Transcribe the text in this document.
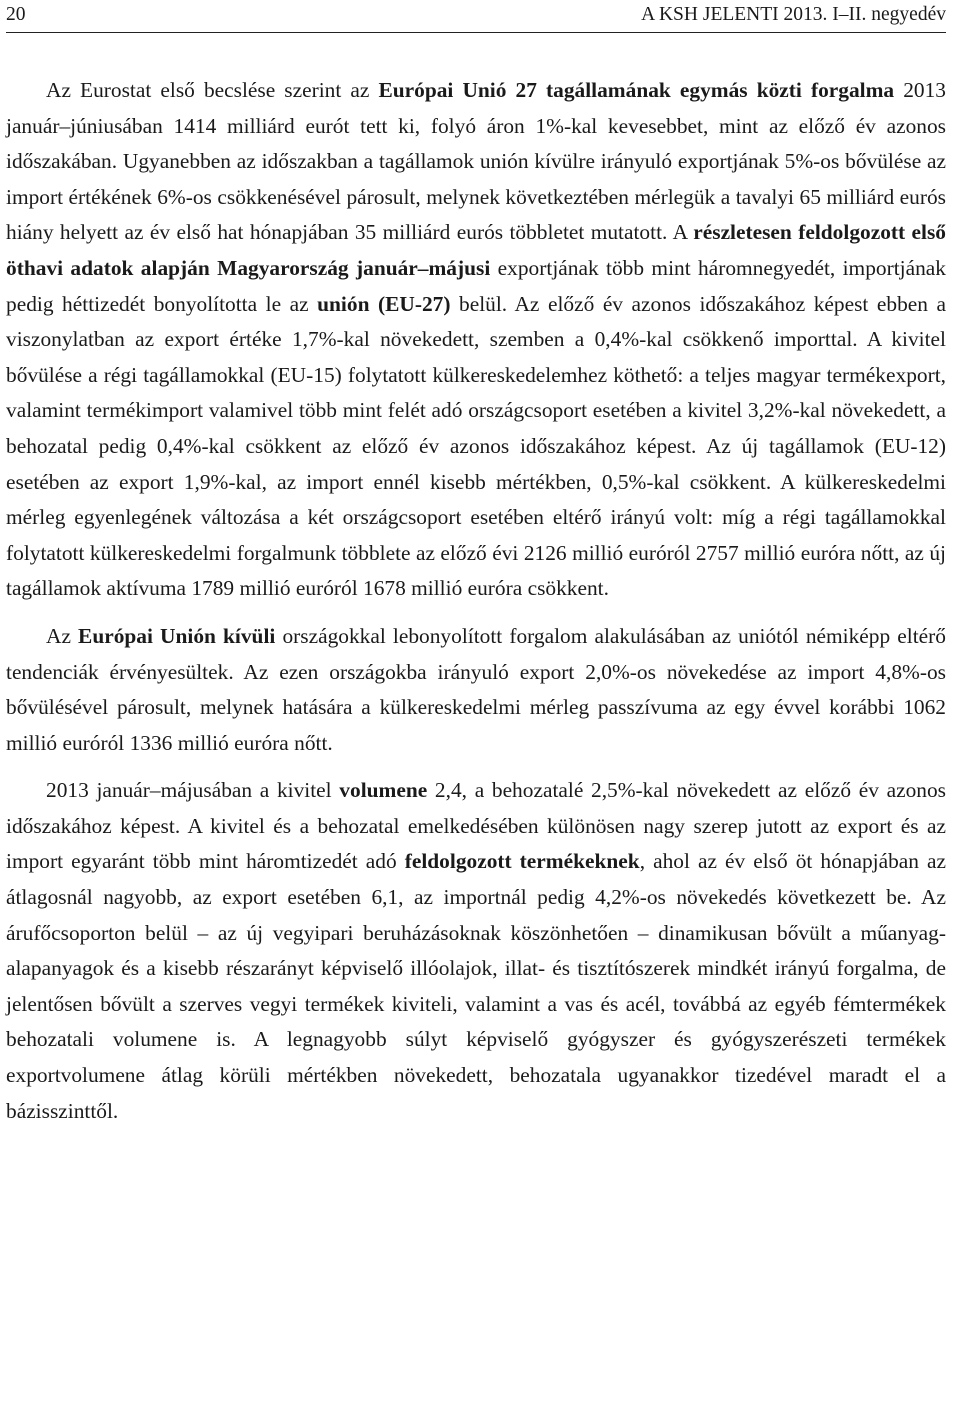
20	A KSH JELENTI 2013. I–II. negyedév

Az Eurostat első becslése szerint az Európai Unió 27 tagállamának egymás közti forgalma 2013 január–júniusában 1414 milliárd eurót tett ki, folyó áron 1%-kal kevesebbet, mint az előző év azonos időszakában. Ugyanebben az időszakban a tagállamok unión kívülre irányuló exportjának 5%-os bővülése az import értékének 6%-os csökkenésével párosult, melynek következtében mérlegük a tavalyi 65 milliárd eurós hiány helyett az év első hat hónapjában 35 milliárd eurós többletet mutatott. A részletesen feldolgozott első öthavi adatok alapján Magyarország január–májusi exportjának több mint háromnegyedét, importjának pedig héttizedét bonyolította le az unión (EU-27) belül. Az előző év azonos időszakához képest ebben a viszonylatban az export értéke 1,7%-kal növekedett, szemben a 0,4%-kal csökkenő importtal. A kivitel bővülése a régi tagállamokkal (EU-15) folytatott külkereskedelemhez köthető: a teljes magyar termékexport, valamint termékimport valamivel több mint felét adó országcsoport esetében a kivitel 3,2%-kal növekedett, a behozatal pedig 0,4%-kal csökkent az előző év azonos időszakához képest. Az új tagállamok (EU-12) esetében az export 1,9%-kal, az import ennél kisebb mértékben, 0,5%-kal csökkent. A külkereskedelmi mérleg egyenlegének változása a két országcsoport esetében eltérő irányú volt: míg a régi tagállamokkal folytatott külkereskedelmi forgalmunk többlete az előző évi 2126 millió euróról 2757 millió euróra nőtt, az új tagállamok aktívuma 1789 millió euróról 1678 millió euróra csökkent.

Az Európai Unión kívüli országokkal lebonyolított forgalom alakulásában az uniótól némiképp eltérő tendenciák érvényesültek. Az ezen országokba irányuló export 2,0%-os növekedése az import 4,8%-os bővülésével párosult, melynek hatására a külkereskedelmi mérleg passzívuma az egy évvel korábbi 1062 millió euróról 1336 millió euróra nőtt.

2013 január–májusában a kivitel volumene 2,4, a behozatalé 2,5%-kal növekedett az előző év azonos időszakához képest. A kivitel és a behozatal emelkedésében különösen nagy szerep jutott az export és az import egyaránt több mint háromtizedét adó feldolgozott termékeknek, ahol az év első öt hónapjában az átlagosnál nagyobb, az export esetében 6,1, az importnál pedig 4,2%-os növekedés következett be. Az árufőcsoporton belül – az új vegyipari beruházásoknak köszönhetően – dinamikusan bővült a műanyag-alapanyagok és a kisebb részarányt képviselő illóolajok, illat- és tisztítószerek mindkét irányú forgalma, de jelentősen bővült a szerves vegyi termékek kiviteli, valamint a vas és acél, továbbá az egyéb fémtermékek behozatali volumene is. A legnagyobb súlyt képviselő gyógyszer és gyógyszerészeti termékek exportvolumene átlag körüli mértékben növekedett, behozatala ugyanakkor tizedével maradt el a bázisszinttől.
